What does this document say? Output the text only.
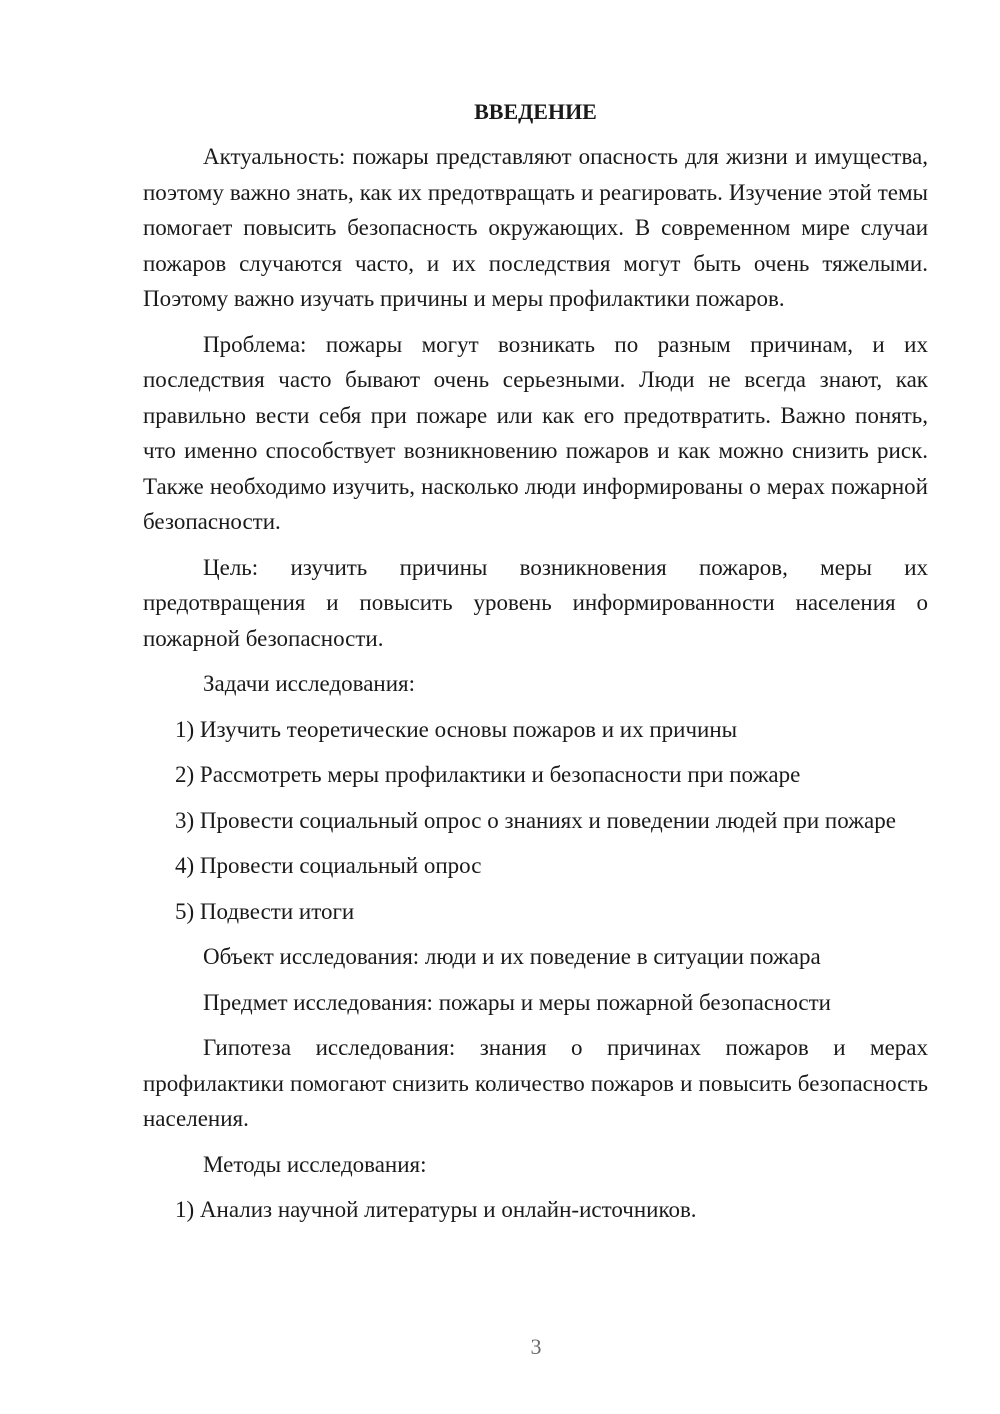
ВВЕДЕНИЕ

Актуальность: пожары представляют опасность для жизни и имущества, поэтому важно знать, как их предотвращать и реагировать. Изучение этой темы помогает повысить безопасность окружающих. В современном мире случаи пожаров случаются часто, и их последствия могут быть очень тяжелыми. Поэтому важно изучать причины и меры профилактики пожаров.

Проблема: пожары могут возникать по разным причинам, и их последствия часто бывают очень серьезными. Люди не всегда знают, как правильно вести себя при пожаре или как его предотвратить. Важно понять, что именно способствует возникновению пожаров и как можно снизить риск. Также необходимо изучить, насколько люди информированы о мерах пожарной безопасности.

Цель: изучить причины возникновения пожаров, меры их предотвращения и повысить уровень информированности населения о пожарной безопасности.

Задачи исследования:

1) Изучить теоретические основы пожаров и их причины

2) Рассмотреть меры профилактики и безопасности при пожаре

3) Провести социальный опрос о знаниях и поведении людей при пожаре

4) Провести социальный опрос

5) Подвести итоги

Объект исследования: люди и их поведение в ситуации пожара

Предмет исследования: пожары и меры пожарной безопасности

Гипотеза исследования: знания о причинах пожаров и мерах профилактики помогают снизить количество пожаров и повысить безопасность населения.

Методы исследования:

1) Анализ научной литературы и онлайн-источников.

3
